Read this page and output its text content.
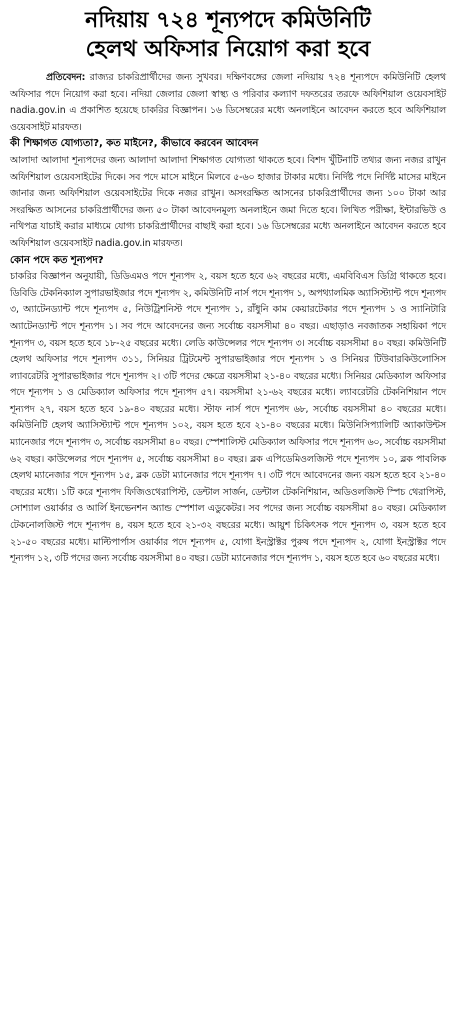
নদিয়ায় ৭২৪ শূন্যপদে কমিউনিটি
হেলথ অফিসার নিয়োগ করা হবে

প্রতিবেদন: রাজ্যর চাকরিপ্রার্থীদের জন্য সুখবর। দক্ষিণবঙ্গের জেলা নদিয়ায় ৭২৪ শূন্যপদে কমিউনিটি হেলথ অফিসার পদে নিয়োগ করা হবে। নদিয়া জেলার জেলা স্বাস্থ্য ও পরিবার কল্যাণ দফতরের তরফে অফিশিয়াল ওয়েবসাইট nadia.gov.in এ প্রকাশিত হয়েছে চাকরির বিজ্ঞাপন। ১৬ ডিসেম্বরের মধ্যে অনলাইনে আবেদন করতে হবে অফিশিয়াল ওয়েবসাইট মারফত।

কী শিক্ষাগত যোগ্যতা?, কত মাইনে?, কীভাবে করবেন আবেদন

আলাদা আলাদা শূন্যপদের জন্য আলাদা আলাদা শিক্ষাগত যোগ্যতা থাকতে হবে। বিশদ খুঁটিনাটি তথ্যর জন্য নজর রাখুন অফিশিয়াল ওয়েবসাইটের দিকে। সব পদে মাসে মাইনে মিলবে ৫-৬০ হাজার টাকার মধ্যে। নির্দিষ্ট পদে নির্দিষ্ট মাসের মাইনে জানার জন্য অফিশিয়াল ওয়েবসাইটের দিকে নজর রাখুন। অসংরক্ষিত আসনের চাকরিপ্রার্থীদের জন্য ১০০ টাকা আর সংরক্ষিত আসনের চাকরিপ্রার্থীদের জন্য ৫০ টাকা আবেদনমূল্য অনলাইনে জমা দিতে হবে। লিখিত পরীক্ষা, ইন্টারভিউ ও নথিপত্র যাচাই করার মাধ্যমে যোগ্য চাকরিপ্রার্থীদের বাছাই করা হবে। ১৬ ডিসেম্বরের মধ্যে অনলাইনে আবেদন করতে হবে অফিশিয়াল ওয়েবসাইট nadia.gov.in মারফত।

কোন পদে কত শূন্যপদ?

চাকরির বিজ্ঞাপন অনুযায়ী, ডিডিএমও পদে শূন্যপদ ২, বয়স হতে হবে ৬২ বছরের মধ্যে, এমবিবিএস ডিগ্রি থাকতে হবে। ডিবিডি টেকনিক্যাল সুপারভাইজার পদে শূন্যপদ ২, কমিউনিটি নার্স পদে শূন্যপদ ১, অপথ্যালমিক অ্যাসিস্ট্যান্ট পদে শূন্যপদ ৩, অ্যাটেনড্যান্ট পদে শূন্যপদ ৫, নিউট্রিশনিস্ট পদে শূন্যপদ ১, রাঁধুনি কাম কেয়ারটেকার পদে শূন্যপদ ১ ও স্যানিটারি অ্যাটেনড্যান্ট পদে শূন্যপদ ১। সব পদে আবেদনের জন্য সর্বোচ্চ বয়সসীমা ৪০ বছর। এছাড়াও নবজাতক সহায়িকা পদে শূন্যপদ ৩, বয়স হতে হবে ১৮-২৫ বছরের মধ্যে। লেডি কাউন্সেলর পদে শূন্যপদ ৩। সর্বোচ্চ বয়সসীমা ৪০ বছর। কমিউনিটি হেলথ অফিসার পদে শূন্যপদ ৩১১, সিনিয়র ট্রিটমেন্ট সুপারভাইজার পদে শূন্যপদ ১ ও সিনিয়র টিউবারকিউলোসিস ল্যাবরেটরি সুপারভাইজার পদে শূন্যপদ ২। ৩টি পদের ক্ষেত্রে বয়সসীমা ২১-৪০ বছরের মধ্যে। সিনিয়র মেডিক্যাল অফিসার পদে শূন্যপদ ১ ও মেডিক্যাল অফিসার পদে শূন্যপদ ৫৭। বয়সসীমা ২১-৬২ বছরের মধ্যে। ল্যাবরেটরি টেকনিশিয়ান পদে শূন্যপদ ২৭, বয়স হতে হবে ১৯-৪০ বছরের মধ্যে। স্টাফ নার্স পদে শূন্যপদ ৬৮, সর্বোচ্চ বয়সসীমা ৪০ বছরের মধ্যে। কমিউনিটি হেলথ অ্যাসিস্ট্যান্ট পদে শূন্যপদ ১০২, বয়স হতে হবে ২১-৪০ বছরের মধ্যে। মিউনিসিপ্যালিটি অ্যাকাউন্টস ম্যানেজার পদে শূন্যপদ ৩, সর্বোচ্চ বয়সসীমা ৪০ বছর। স্পেশালিস্ট মেডিক্যাল অফিসার পদে শূন্যপদ ৬০, সর্বোচ্চ বয়সসীমা ৬২ বছর। কাউন্সেলর পদে শূন্যপদ ৫, সর্বোচ্চ বয়সসীমা ৪০ বছর। ব্লক এপিডেমিওলজিস্ট পদে শূন্যপদ ১০, ব্লক পাবলিক হেলথ ম্যানেজার পদে শূন্যপদ ১৫, ব্লক ডেটা ম্যানেজার পদে শূন্যপদ ৭। ৩টি পদে আবেদনের জন্য বয়স হতে হবে ২১-৪০ বছরের মধ্যে। ১টি করে শূন্যপদ ফিজিওথেরাপিস্ট, ডেন্টাল সার্জন, ডেন্টাল টেকনিশিয়ান, অডিওলজিস্ট স্পিচ থেরাপিস্ট, সোশ্যাল ওয়ার্কার ও আর্লি ইনভেনশন অ্যান্ড স্পেশাল এডুকেটর। সব পদের জন্য সর্বোচ্চ বয়সসীমা ৪০ বছর। মেডিক্যাল টেকনোলজিস্ট পদে শূন্যপদ ৪, বয়স হতে হবে ২১-৩২ বছরের মধ্যে। আয়ুশ চিকিৎসক পদে শূন্যপদ ৩, বয়স হতে হবে ২১-৫০ বছরের মধ্যে। মাল্টিপার্পাস ওয়ার্কার পদে শূন্যপদ ৫, যোগা ইনস্ট্রাক্টর পুরুষ পদে শূন্যপদ ২, যোগা ইনস্ট্রাক্টর পদে শূন্যপদ ১২, ৩টি পদের জন্য সর্বোচ্চ বয়সসীমা ৪০ বছর। ডেটা ম্যানেজার পদে শূন্যপদ ১, বয়স হতে হবে ৬০ বছরের মধ্যে।
